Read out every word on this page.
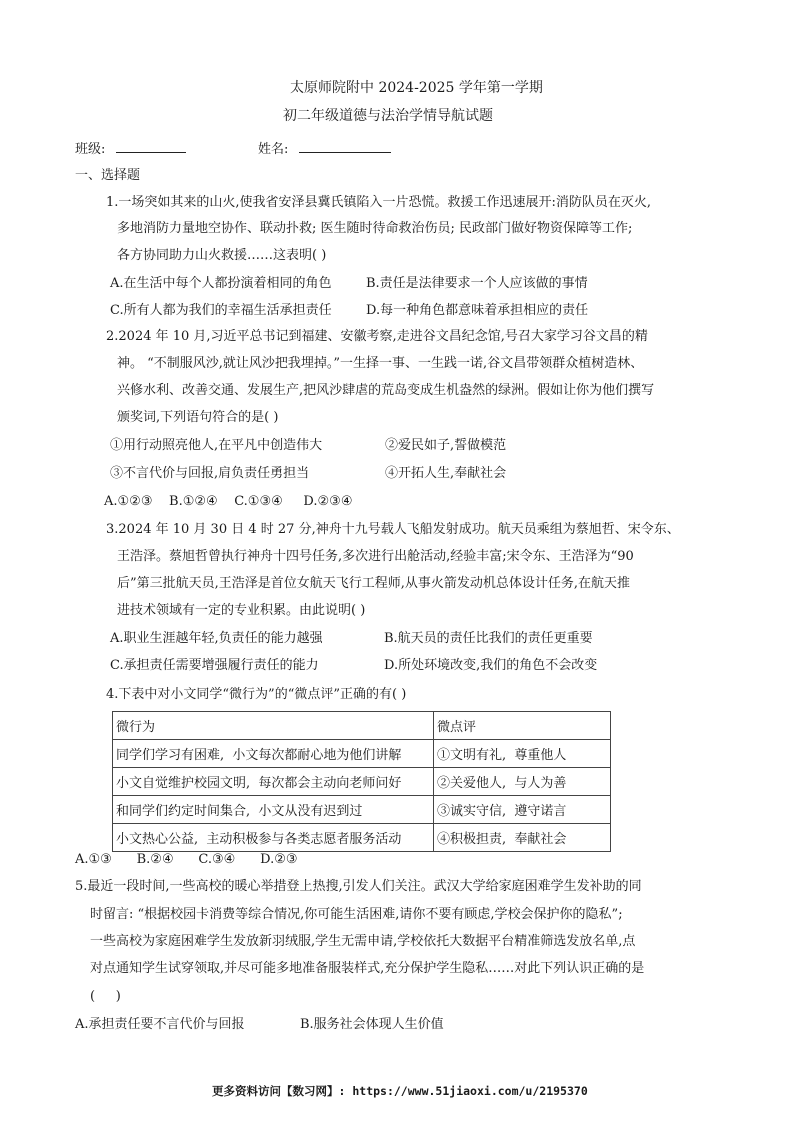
太原师院附中 2024-2025 学年第一学期
初二年级道德与法治学情导航试题
班级:	姓名:
一、选择题
1.一场突如其来的山火,使我省安泽县冀氏镇陷入一片恐慌。救援工作迅速展开:消防队员在灭火,
多地消防力量地空协作、联动扑救; 医生随时待命救治伤员; 民政部门做好物资保障等工作;
各方协同助力山火救援……这表明( )
A.在生活中每个人都扮演着相同的角色	B.责任是法律要求一个人应该做的事情
C.所有人都为我们的幸福生活承担责任	D.每一种角色都意味着承担相应的责任
2.2024 年 10 月,习近平总书记到福建、安徽考察,走进谷文昌纪念馆,号召大家学习谷文昌的精
神。 “不制服风沙,就让风沙把我埋掉。”一生择一事、一生践一诺,谷文昌带领群众植树造林、
兴修水利、改善交通、发展生产,把风沙肆虐的荒岛变成生机盎然的绿洲。假如让你为他们撰写
颁奖词,下列语句符合的是( )
①用行动照亮他人,在平凡中创造伟大	②爱民如子,誓做模范
③不言代价与回报,肩负责任勇担当	④开拓人生,奉献社会
A.①②③    B.①②④    C.①③④     D.②③④
3.2024 年 10 月 30 日 4 时 27 分,神舟十九号载人飞船发射成功。航天员乘组为蔡旭哲、宋令东、
王浩泽。蔡旭哲曾执行神舟十四号任务,多次进行出舱活动,经验丰富;宋令东、王浩泽为“90
后”第三批航天员,王浩泽是首位女航天飞行工程师,从事火箭发动机总体设计任务,在航天推
进技术领域有一定的专业积累。由此说明( )
A.职业生涯越年轻,负责任的能力越强	B.航天员的责任比我们的责任更重要
C.承担责任需要增强履行责任的能力	D.所处环境改变,我们的角色不会改变
4.下表中对小文同学“微行为”的“微点评”正确的有( )
微行为	微点评
同学们学习有困难,  小文每次都耐心地为他们讲解	①文明有礼,  尊重他人
小文自觉维护校园文明,  每次都会主动向老师问好	②关爱他人,  与人为善
和同学们约定时间集合,  小文从没有迟到过	③诚实守信,  遵守诺言
小文热心公益,  主动积极参与各类志愿者服务活动	④积极担责,  奉献社会
A.①③      B.②④      C.③④      D.②③
5.最近一段时间,一些高校的暖心举措登上热搜,引发人们关注。武汉大学给家庭困难学生发补助的同
时留言: “根据校园卡消费等综合情况,你可能生活困难,请你不要有顾虑,学校会保护你的隐私”;
一些高校为家庭困难学生发放新羽绒服,学生无需申请,学校依托大数据平台精准筛选发放名单,点
对点通知学生试穿领取,并尽可能多地准备服装样式,充分保护学生隐私……对此下列认识正确的是
(     )
A.承担责任要不言代价与回报	B.服务社会体现人生价值
更多资料访问【数习网】: https://www.51jiaoxi.com/u/2195370
